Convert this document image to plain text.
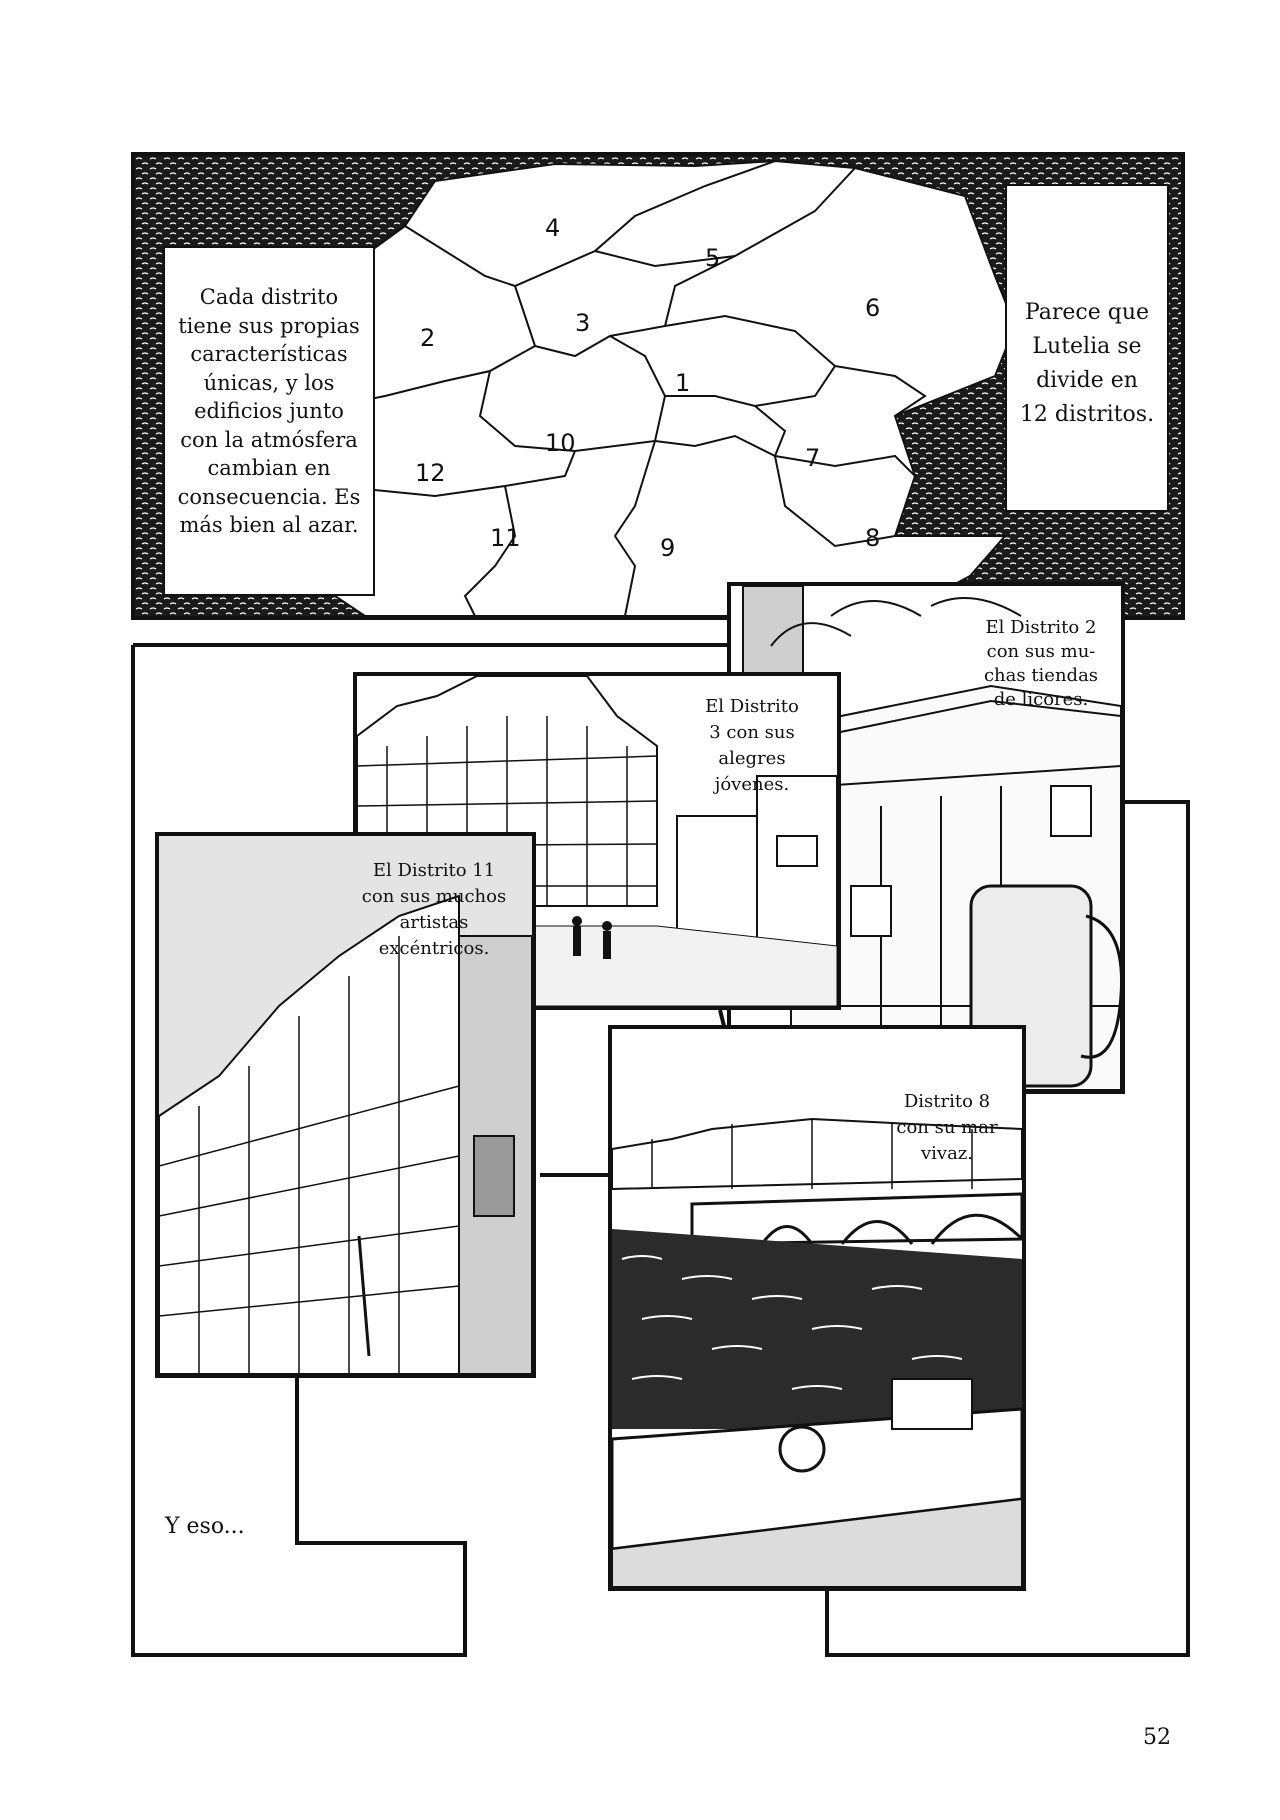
4
5
6
3
2
1
10
7
12
11	9	8
Cada distrito
tiene sus propias
características
únicas, y los
edificios junto
con la atmósfera
cambian en
consecuencia. Es
más bien al azar.
Parece que
Lutelia se
divide en
12 distritos.
El Distrito 2
con sus mu-
chas tiendas
de licores.
El Distrito
3 con sus
alegres
jóvenes.
El Distrito 11
con sus muchos
artistas
excéntricos.
Distrito 8
con su mar
vivaz.
Y eso...
52
